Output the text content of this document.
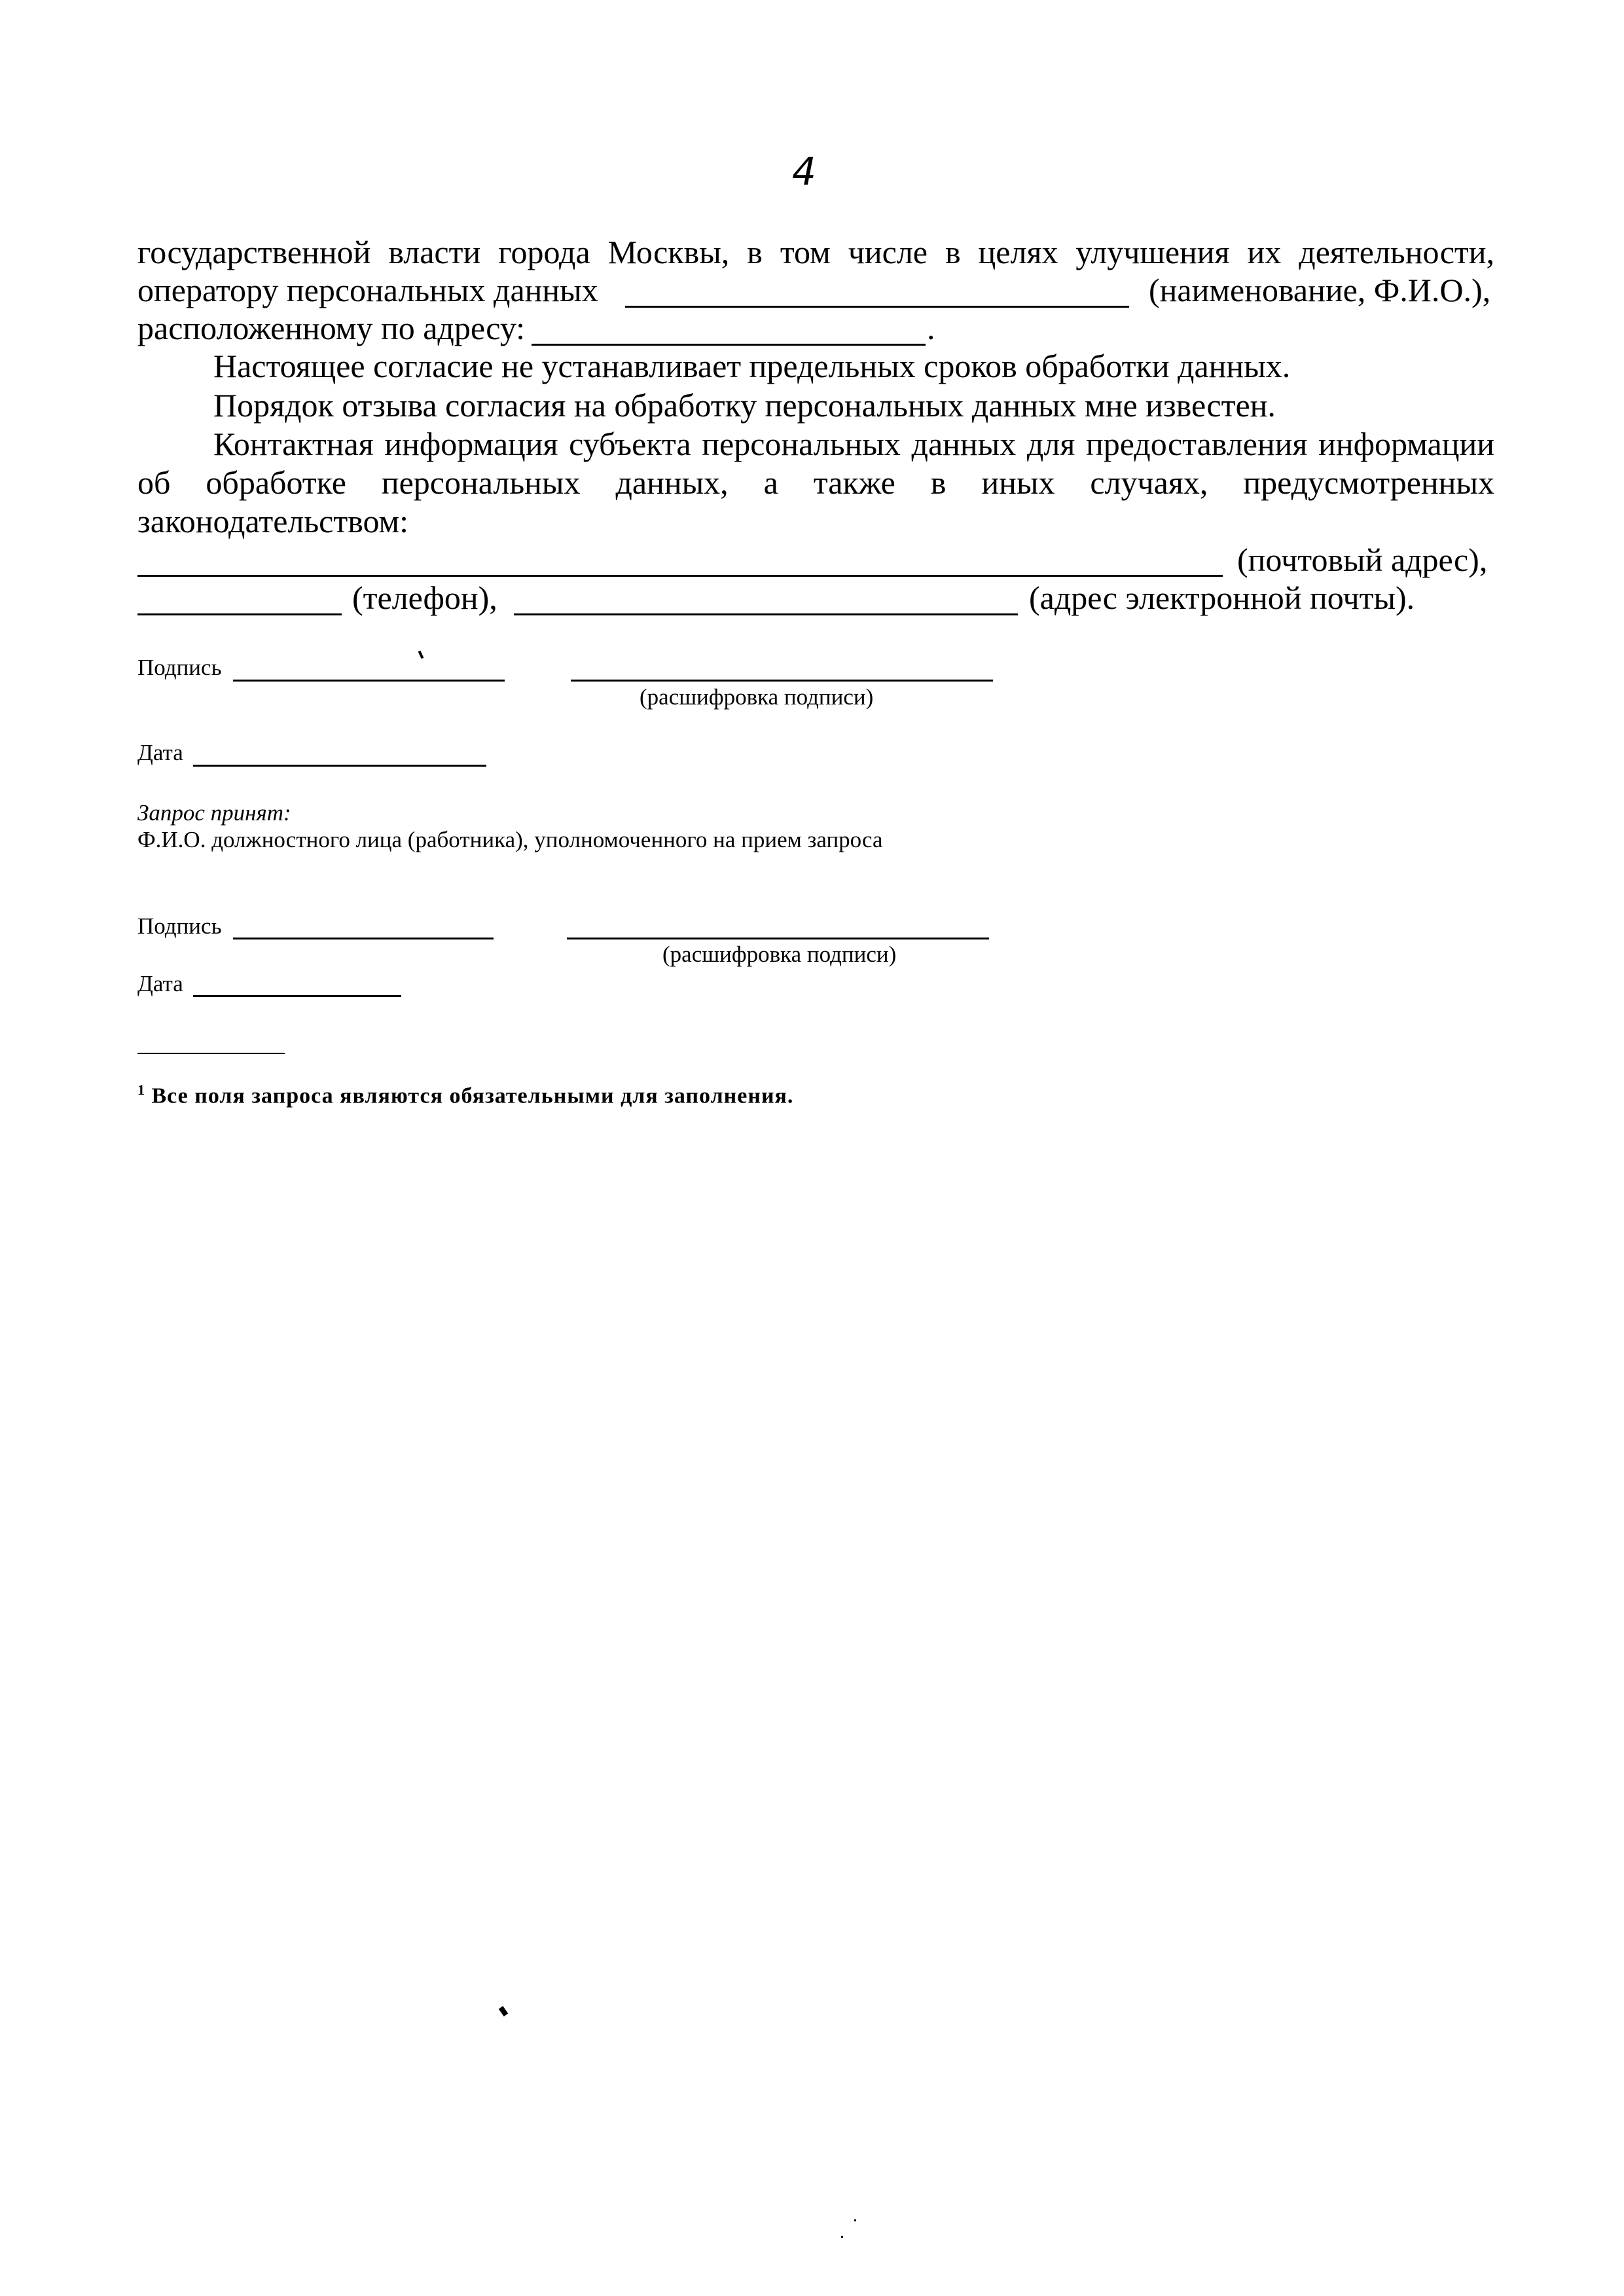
4
государственной власти города Москвы, в том числе в целях улучшения их деятельности,
оператору персональных данных	(наименование, Ф.И.О.),
расположенному по адресу:	.
Настоящее согласие не устанавливает предельных сроков обработки данных.
Порядок отзыва согласия на обработку персональных данных мне известен.
Контактная информация субъекта персональных данных для предоставления информации
об обработке персональных данных, а также в иных случаях, предусмотренных
законодательством:
(почтовый адрес),
(телефон),	(адрес электронной почты).
Подпись
(расшифровка подписи)
Дата
Запрос принят:
Ф.И.О. должностного лица (работника), уполномоченного на прием запроса
Подпись
(расшифровка подписи)
Дата
$^1$ Все поля запроса являются обязательными для заполнения.
